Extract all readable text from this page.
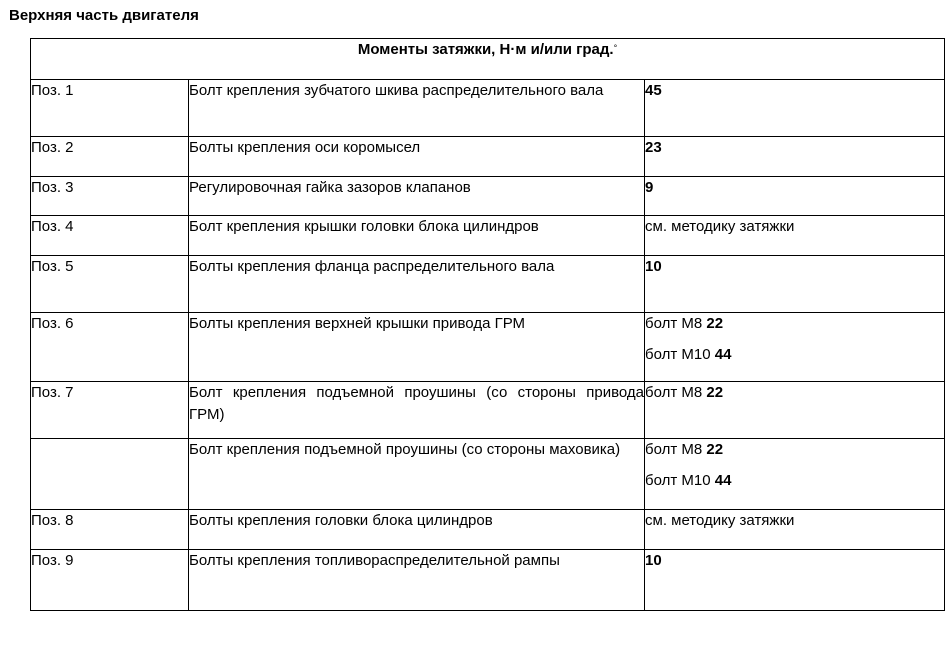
Верхняя часть двигателя
Моменты затяжки, Н·м и/или град.°
Поз. 1	Болт крепления зубчатого шкива распределительного вала	45
Поз. 2	Болты крепления оси коромысел	23
Поз. 3	Регулировочная гайка зазоров клапанов	9
Поз. 4	Болт крепления крышки головки блока цилиндров	см. методику затяжки
Поз. 5	Болты крепления фланца распределительного вала	10
Поз. 6	Болты крепления верхней крышки привода ГРМ	болт М8 22
болт М10 44

Поз. 7	Болт крепления подъемной проушины (со стороны привода ГРМ)	болт М8 22

	Болт крепления подъемной проушины (со стороны маховика)	болт М8 22
болт М10 44

Поз. 8	Болты крепления головки блока цилиндров	см. методику затяжки
Поз. 9	Болты крепления топливораспределительной рампы	10
